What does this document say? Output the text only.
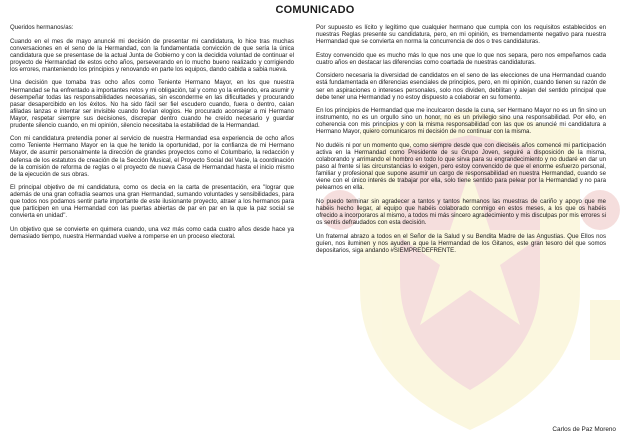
COMUNICADO

Queridos hermanos/as:

Cuando en el mes de mayo anuncié mi decisión de presentar mi candidatura, lo hice tras muchas conversaciones en el seno de la Hermandad, con la fundamentada convicción de que sería la única candidatura que se presentase de la actual Junta de Gobierno y con la decidida voluntad de continuar el proyecto de Hermandad de estos ocho años, perseverando en lo mucho bueno realizado y corrigiendo los errores, manteniendo los principios y renovando en parte los equipos, dando cabida a sabia nueva.

Una decisión que tomaba tras ocho años como Teniente Hermano Mayor, en los que nuestra Hermandad se ha enfrentado a importantes retos y mi obligación, tal y como yo la entiendo, era asumir y desempeñar todas las responsabilidades necesarias, sin esconderme en las dificultades y procurando pasar desapercibido en los éxitos. No ha sido fácil ser fiel escudero cuando, fuera o dentro, caían afiladas lanzas e intentar ser invisible cuando llovían elogios. He procurado aconsejar a mi Hermano Mayor, respetar siempre sus decisiones, discrepar dentro cuando he creído necesario y guardar prudente silencio cuando, en mi opinión, silencio necesitaba la estabilidad de la Hermandad.

Con mi candidatura pretendía poner al servicio de nuestra Hermandad esa experiencia de ocho años como Teniente Hermano Mayor en la que he tenido la oportunidad, por la confianza de mi Hermano Mayor, de asumir personalmente la dirección de grandes proyectos como el Columbario, la redacción y defensa de los estatutos de creación de la Sección Musical, el Proyecto Social del Vacie, la coordinación de la comisión de reforma de reglas o el proyecto de nueva Casa de Hermandad hasta el inicio mismo de la ejecución de sus obras.

El principal objetivo de mi candidatura, como os decía en la carta de presentación, era "lograr que además de una gran cofradía seamos una gran Hermandad, sumando voluntades y sensibilidades, para que todos nos podamos sentir parte importante de este ilusionante proyecto, atraer a los hermanos para que participen en una Hermandad con las puertas abiertas de par en par en la que la paz social se convierta en unidad".

Un objetivo que se convierte en quimera cuando, una vez más como cada cuatro años desde hace ya demasiado tiempo, nuestra Hermandad vuelve a romperse en un proceso electoral.

Por supuesto es lícito y legítimo que cualquier hermano que cumpla con los requisitos establecidos en nuestras Reglas presente su candidatura, pero, en mi opinión, es tremendamente negativo para nuestra Hermandad que se convierta en norma la concurrencia de dos o tres candidaturas.

Estoy convencido que es mucho más lo que nos une que lo que nos separa, pero nos empeñamos cada cuatro años en destacar las diferencias como coartada de nuestras candidaturas.

Considero necesaria la diversidad de candidatos en el seno de las elecciones de una Hermandad cuando está fundamentada en diferencias esenciales de principios, pero, en mi opinión, cuando tienen su razón de ser en aspiraciones o intereses personales, solo nos dividen, debilitan y alejan del sentido principal que debe tener una Hermandad y no estoy dispuesto a colaborar en su fomento.

En los principios de Hermandad que me inculcaron desde la cuna, ser Hermano Mayor no es un fin sino un instrumento, no es un orgullo sino un honor, no es un privilegio sino una responsabilidad. Por ello, en coherencia con mis principios y con la misma responsabilidad con las que os anuncié mi candidatura a Hermano Mayor, quiero comunicaros mi decisión de no continuar con la misma.

No dudéis ni por un momento que, como siempre desde que con dieciséis años comencé mi participación activa en la Hermandad como Presidente de su Grupo Joven, seguiré a disposición de la misma, colaborando y arrimando el hombro en todo lo que sirva para su engrandecimiento y no dudaré en dar un paso al frente si las circunstancias lo exigen, pero estoy convencido de que el enorme esfuerzo personal, familiar y profesional que supone asumir un cargo de responsabilidad en nuestra Hermandad, cuando se viene con el único interés de trabajar por ella, solo tiene sentido para pelear por la Hermandad y no para pelearnos en ella.

No puedo terminar sin agradecer a tantos y tantos hermanos las muestras de cariño y apoyo que me habéis hecho llegar, al equipo que habéis colaborado conmigo en estos meses, a los que os habéis ofrecido a incorporaros al mismo, a todos mi más sincero agradecimiento y mis disculpas por mis errores si os sentís defraudados con esta decisión.

Un fraternal abrazo a todos en el Señor de la Salud y su Bendita Madre de las Angustias. Que Ellos nos guíen, nos iluminen y nos ayuden a que la Hermandad de los Gitanos, este gran tesoro del que somos depositarios, siga andando #SIEMPREDEFRENTE.

Carlos de Paz Moreno
